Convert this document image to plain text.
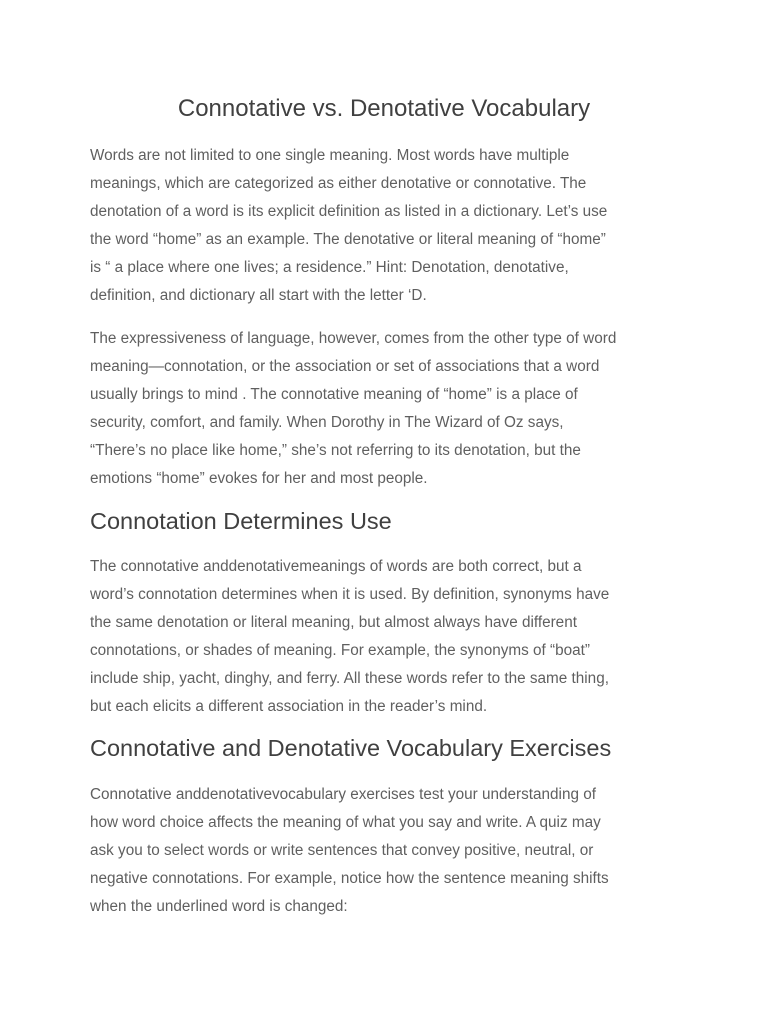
Connotative vs. Denotative Vocabulary

Words are not limited to one single meaning. Most words have multiple
meanings, which are categorized as either denotative or connotative. The
denotation of a word is its explicit definition as listed in a dictionary. Let’s use
the word “home” as an example. The denotative or literal meaning of “home”
is “ a place where one lives; a residence.” Hint: Denotation, denotative,
definition, and dictionary all start with the letter ‘D.

The expressiveness of language, however, comes from the other type of word
meaning—connotation, or the association or set of associations that a word
usually brings to mind . The connotative meaning of “home” is a place of
security, comfort, and family. When Dorothy in The Wizard of Oz says,
“There’s no place like home,” she’s not referring to its denotation, but the
emotions “home” evokes for her and most people.

Connotation Determines Use

The connotative anddenotativemeanings of words are both correct, but a
word’s connotation determines when it is used. By definition, synonyms have
the same denotation or literal meaning, but almost always have different
connotations, or shades of meaning. For example, the synonyms of “boat”
include ship, yacht, dinghy, and ferry. All these words refer to the same thing,
but each elicits a different association in the reader’s mind.

Connotative and Denotative Vocabulary Exercises

Connotative anddenotativevocabulary exercises test your understanding of
how word choice affects the meaning of what you say and write. A quiz may
ask you to select words or write sentences that convey positive, neutral, or
negative connotations. For example, notice how the sentence meaning shifts
when the underlined word is changed:
